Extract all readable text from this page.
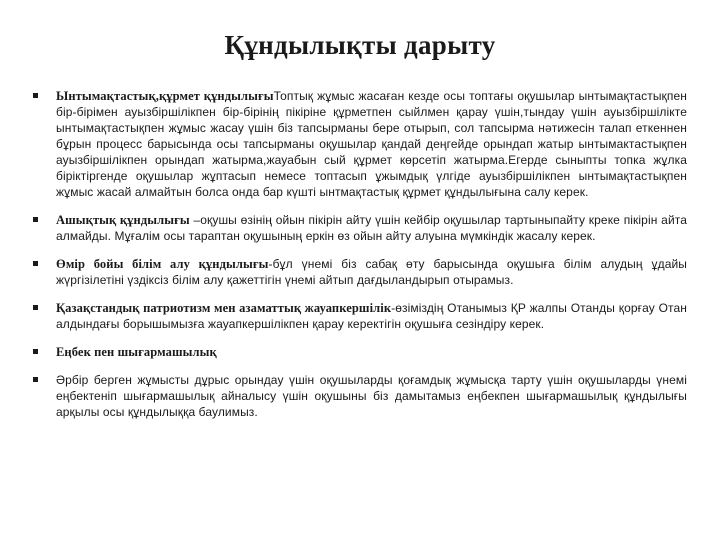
Құндылықты дарыту
Ынтымақтастық,құрмет құндылығыТоптық жұмыс жасаған кезде осы топтағы оқушылар ынтымақтастықпен бір-бірімен ауызбіршілікпен бір-бірінің пікіріне құрметпен сыйлмен қарау үшін,тындау үшін ауызбіршілікте ынтымақтастықпен жұмыс жасау үшін біз тапсырманы бере отырып, сол тапсырма нәтижесін талап еткеннен бұрын процесс барысында осы тапсырманы оқушылар қандай деңгейде орындап жатыр ынтымактастықпен ауызбіршілікпен орындап жатырма,жауабын сый құрмет көрсетіп жатырма.Егерде сыныпты топка жұлка біріктіргенде оқушылар жұптасып немесе топтасып ұжымдық үлгіде ауызбіршілікпен ынтымақтастықпен жұмыс жасай алмайтын болса онда бар күшті ынтмақтастық құрмет құндылығына салу керек.
Ашықтық құндылығы –оқушы өзінің ойын пікірін айту үшін кейбір оқушылар тартыныпайту креке пікірін айта алмайды. Мұғалім осы тараптан оқушының еркін өз ойын айту алуына мүмкіндік жасалу керек.
Өмір бойы білім алу құндылығы-бұл үнемі біз сабақ өту барысында оқушыға білім алудың ұдайы жүргізілетіні үздіксіз білім алу қажеттігін үнемі айтып дағдыландырып отырамыз.
Қазақстандық патриотизм мен азаматтық жауапкершілік-өзіміздің Отанымыз ҚР жалпы Отанды қорғау Отан алдындағы борышымызға жауапкершілікпен қарау керектігін оқушыға сезіндіру керек.
Еңбек пен шығармашылық
Әрбір берген жұмысты дұрыс орындау үшін оқушыларды қоғамдық жұмысқа тарту үшін оқушыларды үнемі еңбектеніп шығармашылық айналысу үшін оқушыны біз дамытамыз еңбекпен шығармашылық құндылығы арқылы осы құндылыққа баулимыз.
